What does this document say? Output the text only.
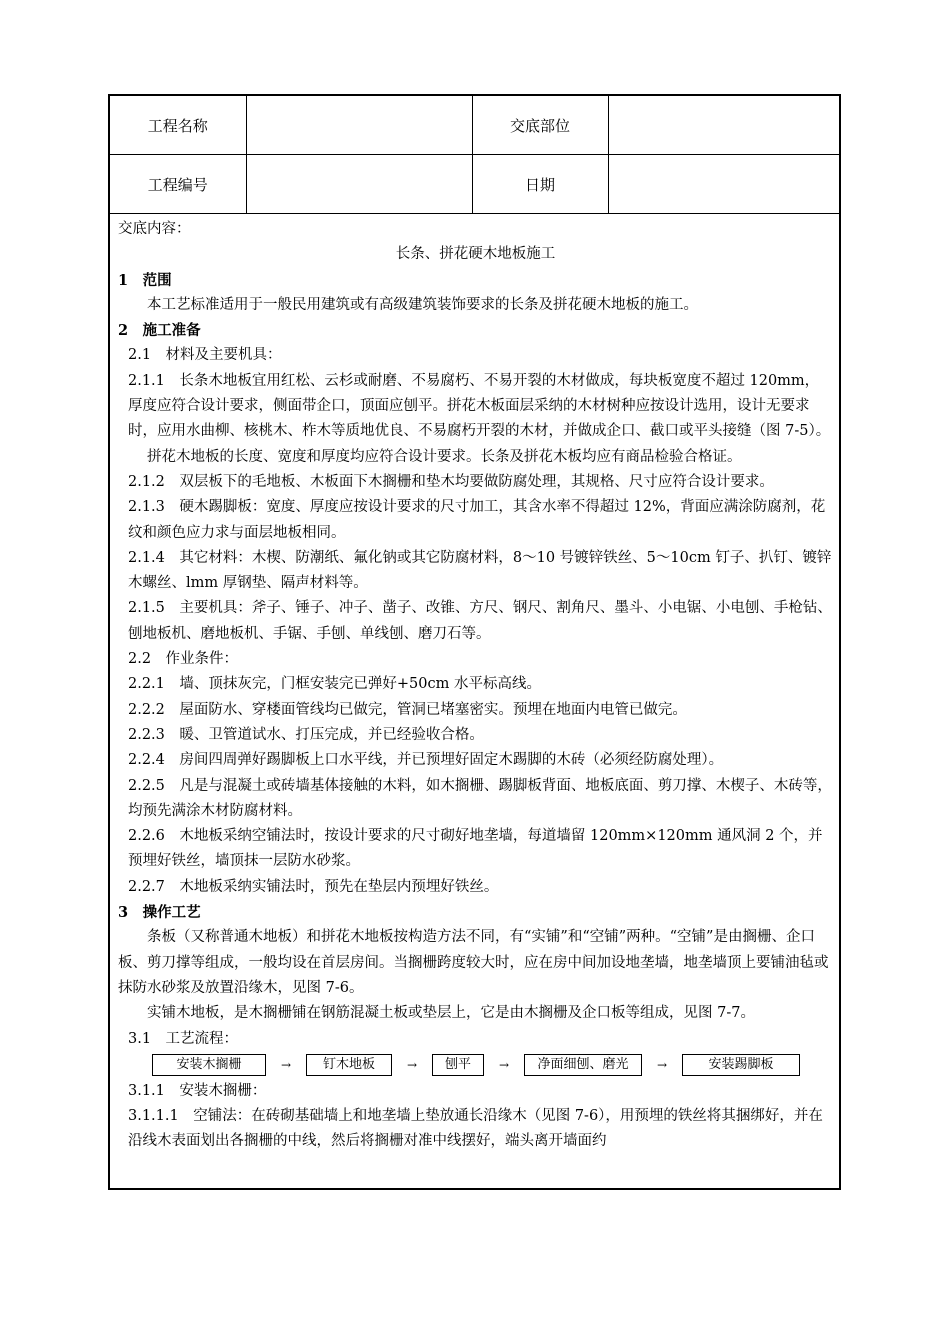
工程名称		交底部位	
工程编号		日期	

交底内容：

长条、拼花硬木地板施工

1　范围

本工艺标准适用于一般民用建筑或有高级建筑装饰要求的长条及拼花硬木地板的施工。

2　施工准备

2.1　材料及主要机具：

2.1.1　长条木地板宜用红松、云杉或耐磨、不易腐朽、不易开裂的木材做成，每块板宽度不超过 120mm，厚度应符合设计要求，侧面带企口，顶面应刨平。拼花木板面层采纳的木材树种应按设计选用，设计无要求时，应用水曲柳、核桃木、柞木等质地优良、不易腐朽开裂的木材，并做成企口、截口或平头接缝（图 7-5）。

拼花木地板的长度、宽度和厚度均应符合设计要求。长条及拼花木板均应有商品检验合格证。

2.1.2　双层板下的毛地板、木板面下木搁栅和垫木均要做防腐处理，其规格、尺寸应符合设计要求。

2.1.3　硬木踢脚板：宽度、厚度应按设计要求的尺寸加工，其含水率不得超过 12%，背面应满涂防腐剂，花纹和颜色应力求与面层地板相同。

2.1.4　其它材料：木楔、防潮纸、氟化钠或其它防腐材料，8～10 号镀锌铁丝、5～10cm 钉子、扒钉、镀锌木螺丝、lmm 厚钢垫、隔声材料等。

2.1.5　主要机具：斧子、锤子、冲子、凿子、改锥、方尺、钢尺、割角尺、墨斗、小电锯、小电刨、手枪钻、刨地板机、磨地板机、手锯、手刨、单线刨、磨刀石等。

2.2　作业条件：

2.2.1　墙、顶抹灰完，门框安装完已弹好+50cm 水平标高线。

2.2.2　屋面防水、穿楼面管线均已做完，管洞已堵塞密实。预埋在地面内电管已做完。

2.2.3　暖、卫管道试水、打压完成，并已经验收合格。

2.2.4　房间四周弹好踢脚板上口水平线，并已预埋好固定木踢脚的木砖（必须经防腐处理）。

2.2.5　凡是与混凝土或砖墙基体接触的木料，如木搁栅、踢脚板背面、地板底面、剪刀撑、木楔子、木砖等，均预先满涂木材防腐材料。

2.2.6　木地板采纳空铺法时，按设计要求的尺寸砌好地垄墙，每道墙留 120mm×120mm 通风洞 2 个，并预埋好铁丝，墙顶抹一层防水砂浆。

2.2.7　木地板采纳实铺法时，预先在垫层内预埋好铁丝。

3　操作工艺

条板（又称普通木地板）和拼花木地板按构造方法不同，有“实铺”和“空铺”两种。“空铺”是由搁栅、企口板、剪刀撑等组成，一般均设在首层房间。当搁栅跨度较大时，应在房中间加设地垄墙，地垄墙顶上要铺油毡或抹防水砂浆及放置沿缘木，见图 7-6。

实铺木地板，是木搁栅铺在钢筋混凝土板或垫层上，它是由木搁栅及企口板等组成，见图 7-7。

3.1　工艺流程：

安装木搁栅	→	钉木地板	→	刨平	→	净面细刨、磨光	→	安装踢脚板

3.1.1　安装木搁栅：

3.1.1.1　空铺法：在砖砌基础墙上和地垄墙上垫放通长沿缘木（见图 7-6），用预埋的铁丝将其捆绑好，并在沿线木表面划出各搁栅的中线，然后将搁栅对准中线摆好，端头离开墙面约
